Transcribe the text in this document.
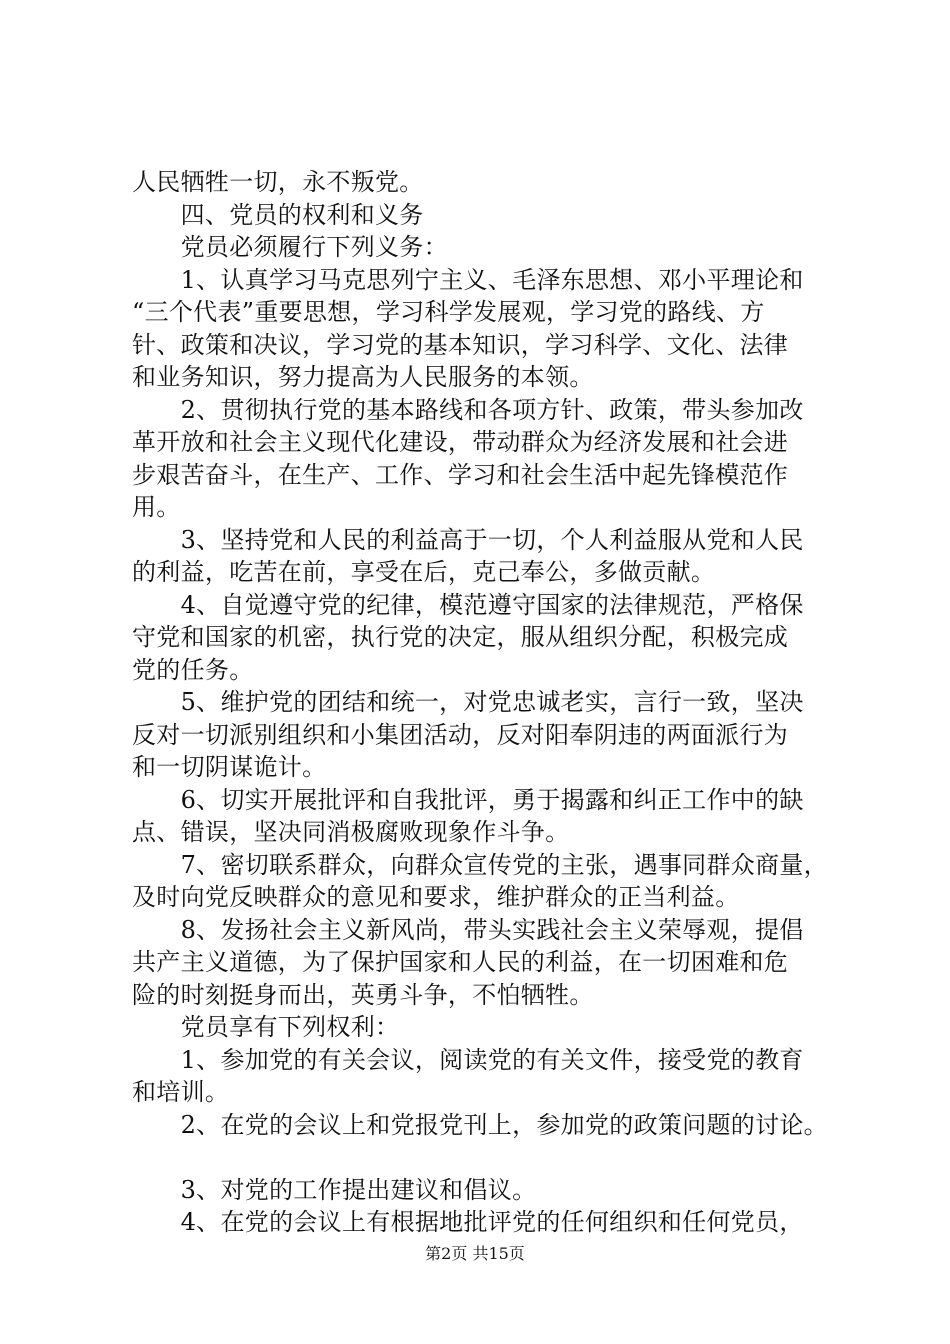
人民牺牲一切，永不叛党。
　　四、党员的权利和义务
　　党员必须履行下列义务：
　　1、认真学习马克思列宁主义、毛泽东思想、邓小平理论和
“三个代表”重要思想，学习科学发展观，学习党的路线、方
针、政策和决议，学习党的基本知识，学习科学、文化、法律
和业务知识，努力提高为人民服务的本领。
　　2、贯彻执行党的基本路线和各项方针、政策，带头参加改
革开放和社会主义现代化建设，带动群众为经济发展和社会进
步艰苦奋斗，在生产、工作、学习和社会生活中起先锋模范作
用。
　　3、坚持党和人民的利益高于一切，个人利益服从党和人民
的利益，吃苦在前，享受在后，克己奉公，多做贡献。
　　4、自觉遵守党的纪律，模范遵守国家的法律规范，严格保
守党和国家的机密，执行党的决定，服从组织分配，积极完成
党的任务。
　　5、维护党的团结和统一，对党忠诚老实，言行一致，坚决
反对一切派别组织和小集团活动，反对阳奉阴违的两面派行为
和一切阴谋诡计。
　　6、切实开展批评和自我批评，勇于揭露和纠正工作中的缺
点、错误，坚决同消极腐败现象作斗争。
　　7、密切联系群众，向群众宣传党的主张，遇事同群众商量，
及时向党反映群众的意见和要求，维护群众的正当利益。
　　8、发扬社会主义新风尚，带头实践社会主义荣辱观，提倡
共产主义道德，为了保护国家和人民的利益，在一切困难和危
险的时刻挺身而出，英勇斗争，不怕牺牲。
　　党员享有下列权利：
　　1、参加党的有关会议，阅读党的有关文件，接受党的教育
和培训。
　　2、在党的会议上和党报党刊上，参加党的政策问题的讨论。
　　3、对党的工作提出建议和倡议。
　　4、在党的会议上有根据地批评党的任何组织和任何党员，
第2页 共15页
